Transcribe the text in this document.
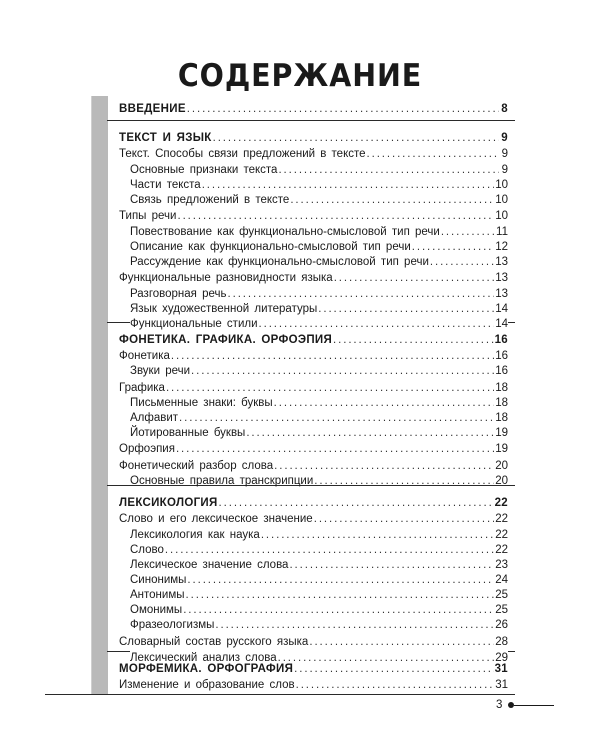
СОДЕРЖАНИЕ
ВВЕДЕНИЕ .....	8
ТЕКСТ И ЯЗЫК .....	9
Текст. Способы связи предложений в тексте .....	9
Основные признаки текста .....	9
Части текста .....	10
Связь предложений в тексте .....	10
Типы речи .....	10
Повествование как функционально-смысловой тип речи .....	11
Описание как функционально-смысловой тип речи .....	12
Рассуждение как функционально-смысловой тип речи .....	13
Функциональные разновидности языка .....	13
Разговорная речь .....	13
Язык художественной литературы .....	14
Функциональные стили .....	14
ФОНЕТИКА. ГРАФИКА. ОРФОЭПИЯ .....	16
Фонетика .....	16
Звуки речи .....	16
Графика .....	18
Письменные знаки: буквы .....	18
Алфавит .....	18
Йотированные буквы .....	19
Орфоэпия .....	19
Фонетический разбор слова .....	20
Основные правила транскрипции .....	20
ЛЕКСИКОЛОГИЯ .....	22
Слово и его лексическое значение .....	22
Лексикология как наука .....	22
Слово .....	22
Лексическое значение слова .....	23
Синонимы .....	24
Антонимы .....	25
Омонимы .....	25
Фразеологизмы .....	26
Словарный состав русского языка .....	28
Лексический анализ слова .....	29
МОРФЕМИКА. ОРФОГРАФИЯ .....	31
Изменение и образование слов .....	31
3
